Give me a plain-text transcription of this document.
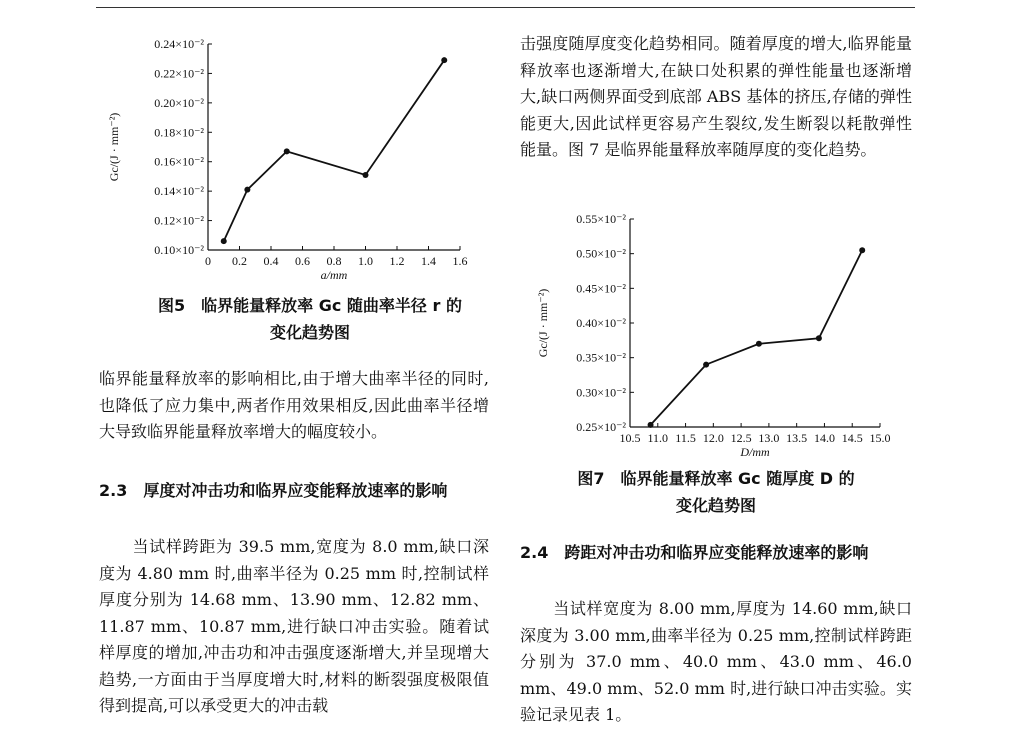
0.10×10⁻²
0.12×10⁻²
0.14×10⁻²
0.16×10⁻²
0.18×10⁻²
0.20×10⁻²
0.22×10⁻²
0.24×10⁻²
0 0.2 0.4 0.6 0.8 1.0 1.2 1.4 1.6
a/mm
Gc/(J · mm⁻²)
图5　临界能量释放率 Gc 随曲率半径 r 的
变化趋势图

临界能量释放率的影响相比,由于增大曲率半径的同时,也降低了应力集中,两者作用效果相反,因此曲率半径增大导致临界能量释放率增大的幅度较小。

2.3　厚度对冲击功和临界应变能释放速率的影响

　　当试样跨距为 39.5 mm,宽度为 8.0 mm,缺口深度为 4.80 mm 时,曲率半径为 0.25 mm 时,控制试样厚度分别为 14.68 mm、13.90 mm、12.82 mm、11.87 mm、10.87 mm,进行缺口冲击实验。随着试样厚度的增加,冲击功和冲击强度逐渐增大,并呈现增大趋势,一方面由于当厚度增大时,材料的断裂强度极限值得到提高,可以承受更大的冲击载

击强度随厚度变化趋势相同。随着厚度的增大,临界能量释放率也逐渐增大,在缺口处积累的弹性能量也逐渐增大,缺口两侧界面受到底部 ABS 基体的挤压,存储的弹性能更大,因此试样更容易产生裂纹,发生断裂以耗散弹性能量。图 7 是临界能量释放率随厚度的变化趋势。

0.25×10⁻²
0.30×10⁻²
0.35×10⁻²
0.40×10⁻²
0.45×10⁻²
0.50×10⁻²
0.55×10⁻²
10.5 11.0 11.5 12.0 12.5 13.0 13.5 14.0 14.5 15.0
D/mm
Gc/(J · mm⁻²)
图7　临界能量释放率 Gc 随厚度 D 的
变化趋势图

2.4　跨距对冲击功和临界应变能释放速率的影响

　　当试样宽度为 8.00 mm,厚度为 14.60 mm,缺口深度为 3.00 mm,曲率半径为 0.25 mm,控制试样跨距分别为 37.0 mm、40.0 mm、43.0 mm、46.0 mm、49.0 mm、52.0 mm 时,进行缺口冲击实验。实验记录见表 1。
